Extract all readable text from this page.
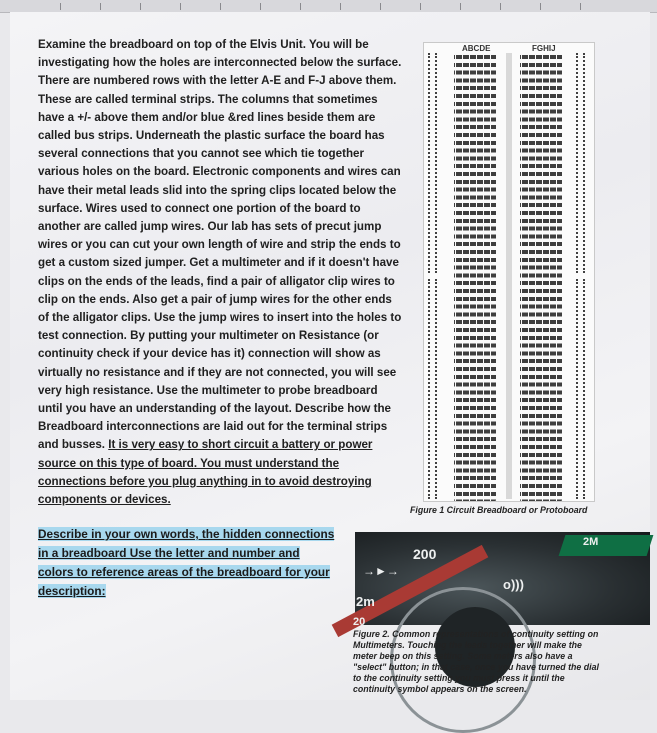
Examine the breadboard on top of the Elvis Unit. You will be investigating how the holes are interconnected below the surface. There are numbered rows with the letter A-E and F-J above them. These are called terminal strips. The columns that sometimes have a +/- above them and/or blue &red lines beside them are called bus strips. Underneath the plastic surface the board has several connections that you cannot see which tie together various holes on the board. Electronic components and wires can have their metal leads slid into the spring clips located below the surface. Wires used to connect one portion of the board to another are called jump wires. Our lab has sets of precut jump wires or you can cut your own length of wire and strip the ends to get a custom sized jumper. Get a multimeter and if it doesn't have clips on the ends of the leads, find a pair of alligator clip wires to clip on the ends. Also get a pair of jump wires for the other ends of the alligator clips. Use the jump wires to insert into the holes to test connection. By putting your multimeter on Resistance (or continuity check if your device has it) connection will show as virtually no resistance and if they are not connected, you will see very high resistance. Use the multimeter to probe breadboard until you have an understanding of the layout. Describe how the Breadboard interconnections are laid out for the terminal strips and busses. It is very easy to short circuit a battery or power source on this type of board. You must understand the connections before you plug anything in to avoid destroying components or devices.

Describe in your own words, the hidden connections in a breadboard Use the letter and number and colors to reference areas of the breadboard for your description:

ABCDE	FGHIJ

Figure 1 Circuit Breadboard or Protoboard

200
→►→
o)))
2m
20
2M

Figure 2. Common representations of continuity setting on Multimeters. Touching the leads together will make the meter beep on this setting. Some meters also have a "select" button; in that case, once you have turned the dial to the continuity setting you must press it until the continuity symbol appears on the screen.
